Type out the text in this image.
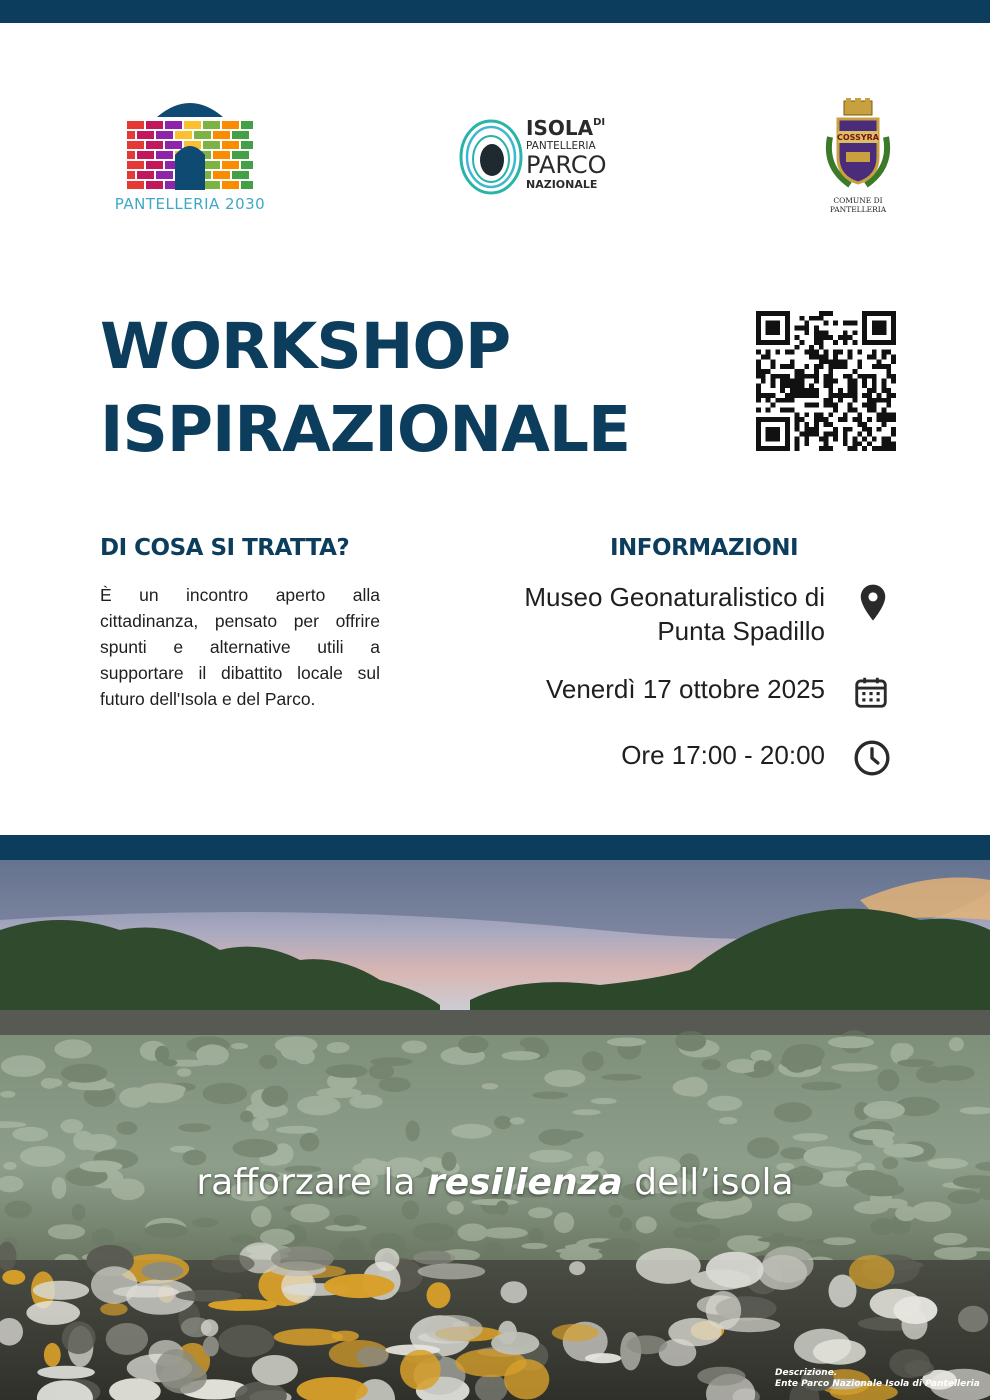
PANTELLERIA 2030
$ISOLA^{DI}$
PANTELLERIA
PARCO
NAZIONALE
COSSYRA
COMUNE DI
PANTELLERIA
WORKSHOP
ISPIRAZIONALE
DI COSA SI TRATTA?
È un incontro aperto alla cittadinanza, pensato per offrire spunti e alternative utili a supportare il dibattito locale sul futuro dell'Isola e del Parco.
INFORMAZIONI
Museo Geonaturalistico di
Punta Spadillo
Venerdì 17 ottobre 2025
Ore 17:00 - 20:00
rafforzare la resilienza dell’isola
Descrizione.
Ente Parco Nazionale Isola di Pantelleria
